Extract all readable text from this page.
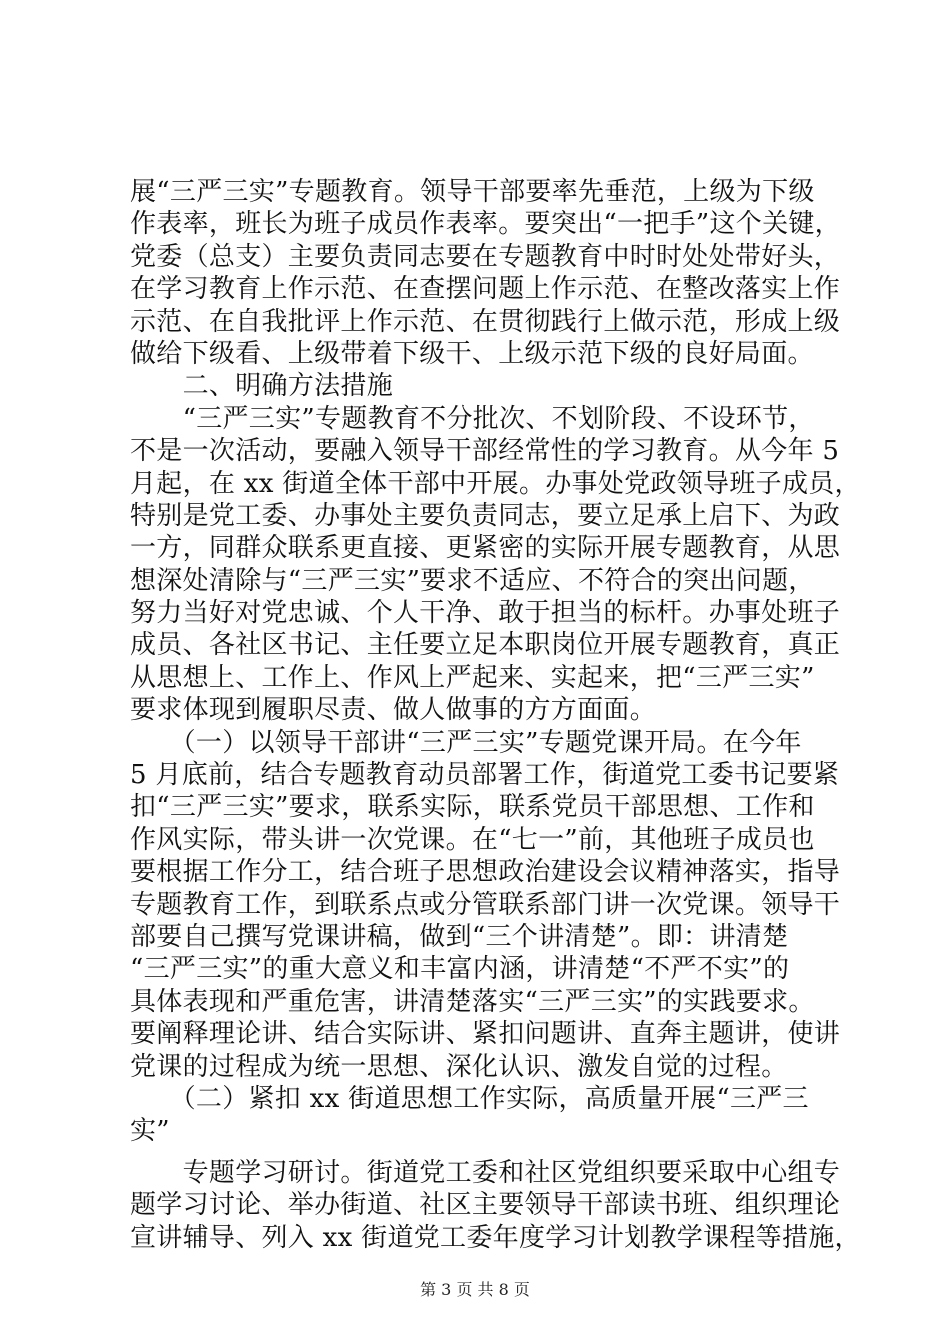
展“三严三实”专题教育。领导干部要率先垂范，上级为下级
作表率，班长为班子成员作表率。要突出“一把手”这个关键，
党委（总支）主要负责同志要在专题教育中时时处处带好头，
在学习教育上作示范、在查摆问题上作示范、在整改落实上作
示范、在自我批评上作示范、在贯彻践行上做示范，形成上级
做给下级看、上级带着下级干、上级示范下级的良好局面。
　　二、明确方法措施
　　“三严三实”专题教育不分批次、不划阶段、不设环节，
不是一次活动，要融入领导干部经常性的学习教育。从今年 5
月起，在 xx 街道全体干部中开展。办事处党政领导班子成员，
特别是党工委、办事处主要负责同志，要立足承上启下、为政
一方，同群众联系更直接、更紧密的实际开展专题教育，从思
想深处清除与“三严三实”要求不适应、不符合的突出问题，
努力当好对党忠诚、个人干净、敢于担当的标杆。办事处班子
成员、各社区书记、主任要立足本职岗位开展专题教育，真正
从思想上、工作上、作风上严起来、实起来，把“三严三实”
要求体现到履职尽责、做人做事的方方面面。
　　（一）以领导干部讲“三严三实”专题党课开局。在今年
5 月底前，结合专题教育动员部署工作，街道党工委书记要紧
扣“三严三实”要求，联系实际，联系党员干部思想、工作和
作风实际，带头讲一次党课。在“七一”前，其他班子成员也
要根据工作分工，结合班子思想政治建设会议精神落实，指导
专题教育工作，到联系点或分管联系部门讲一次党课。领导干
部要自己撰写党课讲稿，做到“三个讲清楚”。即：讲清楚
“三严三实”的重大意义和丰富内涵，讲清楚“不严不实”的
具体表现和严重危害，讲清楚落实“三严三实”的实践要求。
要阐释理论讲、结合实际讲、紧扣问题讲、直奔主题讲，使讲
党课的过程成为统一思想、深化认识、激发自觉的过程。
　　（二）紧扣 xx 街道思想工作实际，高质量开展“三严三
实”
　　专题学习研讨。街道党工委和社区党组织要采取中心组专
题学习讨论、举办街道、社区主要领导干部读书班、组织理论
宣讲辅导、列入 xx 街道党工委年度学习计划教学课程等措施，
第 3 页 共 8 页
